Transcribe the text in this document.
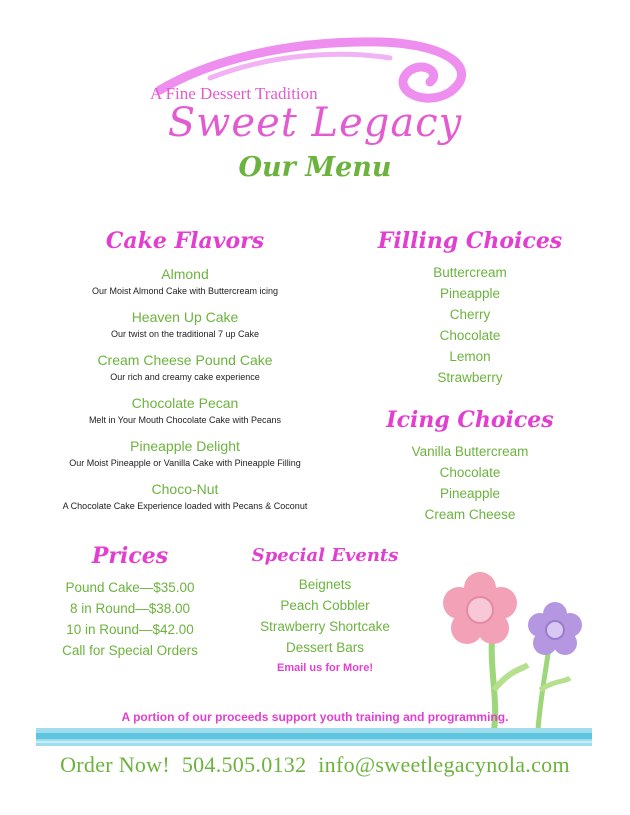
A Fine Dessert Tradition
Sweet Legacy
Our Menu
Cake Flavors
Almond
Our Moist Almond Cake with Buttercream icing
Heaven Up Cake
Our twist on the traditional 7 up Cake
Cream Cheese Pound Cake
Our rich and creamy cake experience
Chocolate Pecan
Melt in Your Mouth Chocolate Cake with Pecans
Pineapple Delight
Our Moist Pineapple or Vanilla Cake with Pineapple Filling
Choco-Nut
A Chocolate Cake Experience loaded with Pecans & Coconut
Filling Choices
Buttercream
Pineapple
Cherry
Chocolate
Lemon
Strawberry
Icing Choices
Vanilla Buttercream
Chocolate
Pineapple
Cream Cheese
Prices
Pound Cake—$35.00
8 in Round—$38.00
10 in Round—$42.00
Call for Special Orders
Special Events
Beignets
Peach Cobbler
Strawberry Shortcake
Dessert Bars
Email us for More!
A portion of our proceeds support youth training and programming.
Order Now! 504.505.0132 info@sweetlegacynola.com
